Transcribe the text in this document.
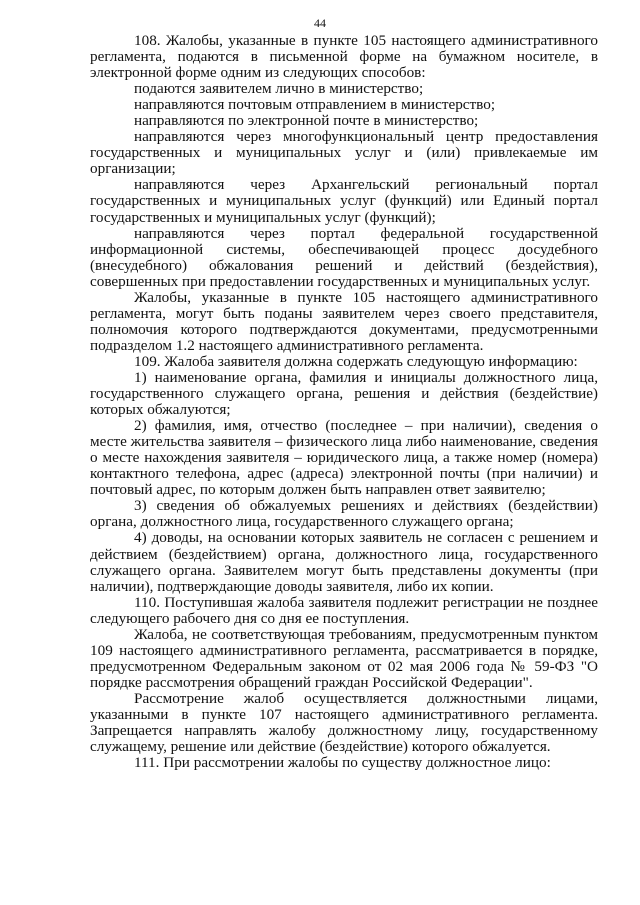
44

108. Жалобы, указанные в пункте 105 настоящего административного регламента, подаются в письменной форме на бумажном носителе, в электронной форме одним из следующих способов:

подаются заявителем лично в министерство;

направляются почтовым отправлением в министерство;

направляются по электронной почте в министерство;

направляются через многофункциональный центр предоставления государственных и муниципальных услуг и (или) привлекаемые им организации;

направляются через Архангельский региональный портал государственных и муниципальных услуг (функций) или Единый портал государственных и муниципальных услуг (функций);

направляются через портал федеральной государственной информационной системы, обеспечивающей процесс досудебного (внесудебного) обжалования решений и действий (бездействия), совершенных при предоставлении государственных и муниципальных услуг.

Жалобы, указанные в пункте 105 настоящего административного регламента, могут быть поданы заявителем через своего представителя, полномочия которого подтверждаются документами, предусмотренными подразделом 1.2 настоящего административного регламента.

109. Жалоба заявителя должна содержать следующую информацию:

1) наименование органа, фамилия и инициалы должностного лица, государственного служащего органа, решения и действия (бездействие) которых обжалуются;

2) фамилия, имя, отчество (последнее – при наличии), сведения о месте жительства заявителя – физического лица либо наименование, сведения о месте нахождения заявителя – юридического лица, а также номер (номера) контактного телефона, адрес (адреса) электронной почты (при наличии) и почтовый адрес, по которым должен быть направлен ответ заявителю;

3) сведения об обжалуемых решениях и действиях (бездействии) органа, должностного лица, государственного служащего органа;

4) доводы, на основании которых заявитель не согласен с решением и действием (бездействием) органа, должностного лица, государственного служащего органа. Заявителем могут быть представлены документы (при наличии), подтверждающие доводы заявителя, либо их копии.

110. Поступившая жалоба заявителя подлежит регистрации не позднее следующего рабочего дня со дня ее поступления.

Жалоба, не соответствующая требованиям, предусмотренным пунктом 109 настоящего административного регламента, рассматривается в порядке, предусмотренном Федеральным законом от 02 мая 2006 года № 59-ФЗ "О порядке рассмотрения обращений граждан Российской Федерации".

Рассмотрение жалоб осуществляется должностными лицами, указанными в пункте 107 настоящего административного регламента. Запрещается направлять жалобу должностному лицу, государственному служащему, решение или действие (бездействие) которого обжалуется.

111. При рассмотрении жалобы по существу должностное лицо:
